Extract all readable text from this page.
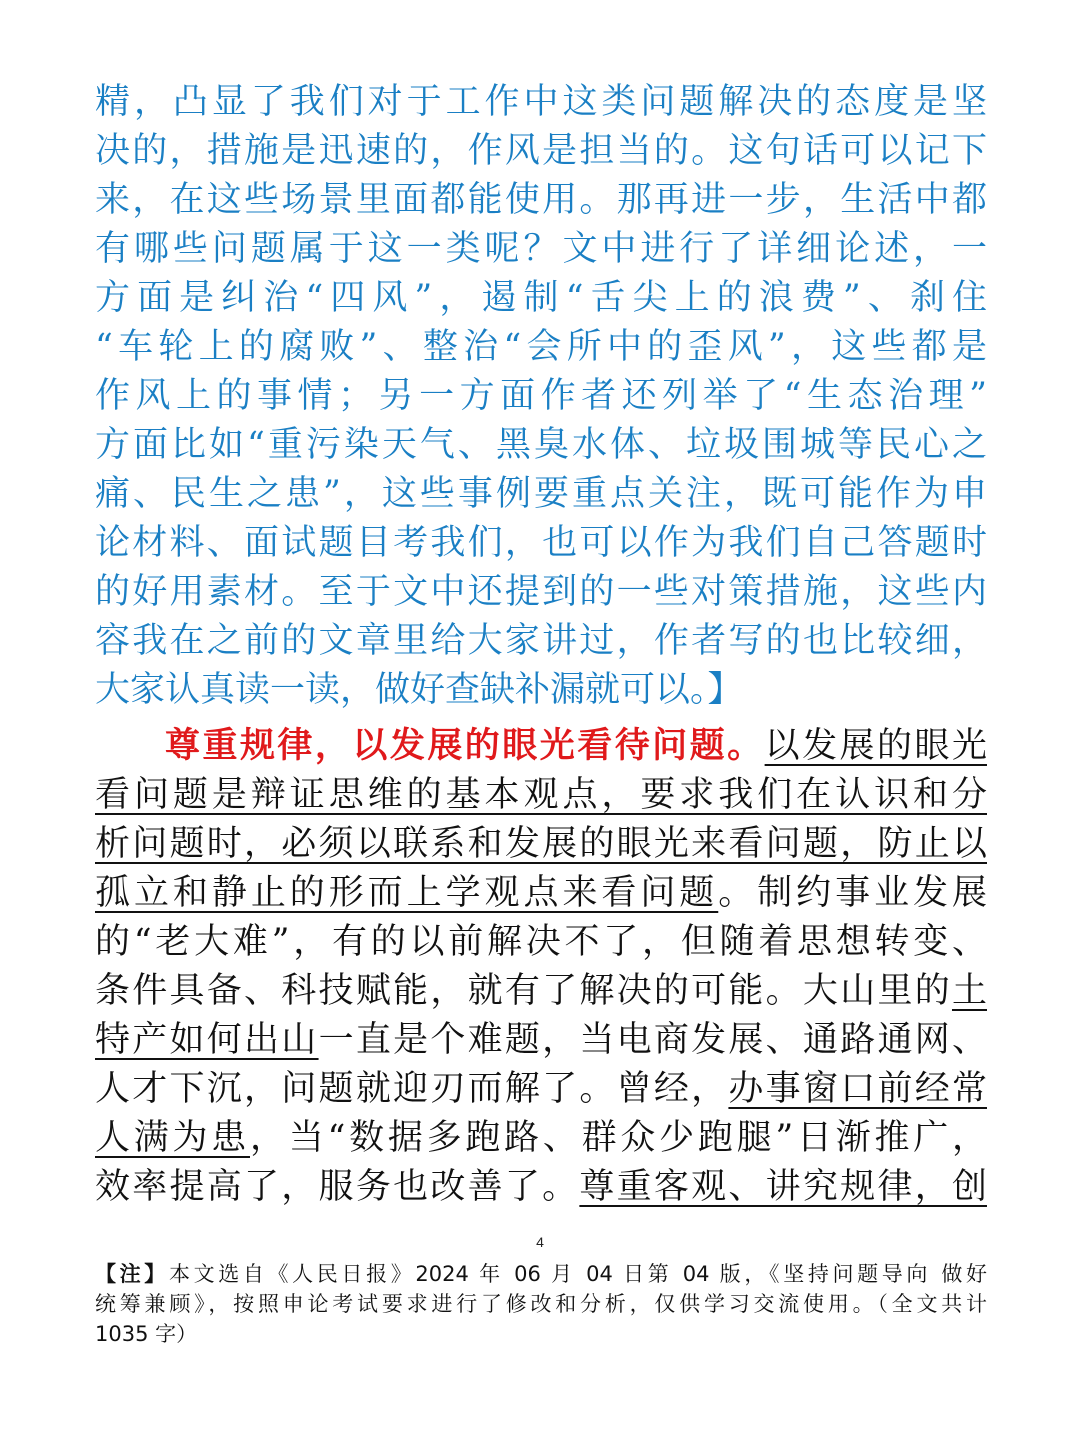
精，凸显了我们对于工作中这类问题解决的态度是坚
决的，措施是迅速的，作风是担当的。这句话可以记下
来，在这些场景里面都能使用。那再进一步，生活中都
有哪些问题属于这一类呢？文中进行了详细论述，一
方面是纠治“四风”，遏制“舌尖上的浪费”、刹住
“车轮上的腐败”、整治“会所中的歪风”，这些都是
作风上的事情；另一方面作者还列举了“生态治理”
方面比如“重污染天气、黑臭水体、垃圾围城等民心之
痛、民生之患”，这些事例要重点关注，既可能作为申
论材料、面试题目考我们，也可以作为我们自己答题时
的好用素材。至于文中还提到的一些对策措施，这些内
容我在之前的文章里给大家讲过，作者写的也比较细，
大家认真读一读，做好查缺补漏就可以。】
尊重规律，以发展的眼光看待问题。以发展的眼光
看问题是辩证思维的基本观点，要求我们在认识和分
析问题时，必须以联系和发展的眼光来看问题，防止以
孤立和静止的形而上学观点来看问题。制约事业发展
的“老大难”，有的以前解决不了，但随着思想转变、
条件具备、科技赋能，就有了解决的可能。大山里的土
特产如何出山一直是个难题，当电商发展、通路通网、
人才下沉，问题就迎刃而解了。曾经，办事窗口前经常
人满为患，当“数据多跑路、群众少跑腿”日渐推广，
效率提高了，服务也改善了。尊重客观、讲究规律，创
4
【注】本文选自《人民日报》2024 年 06 月 04 日第 04 版，《坚持问题导向 做好
统筹兼顾》，按照申论考试要求进行了修改和分析，仅供学习交流使用。（全文共计
1035 字）
